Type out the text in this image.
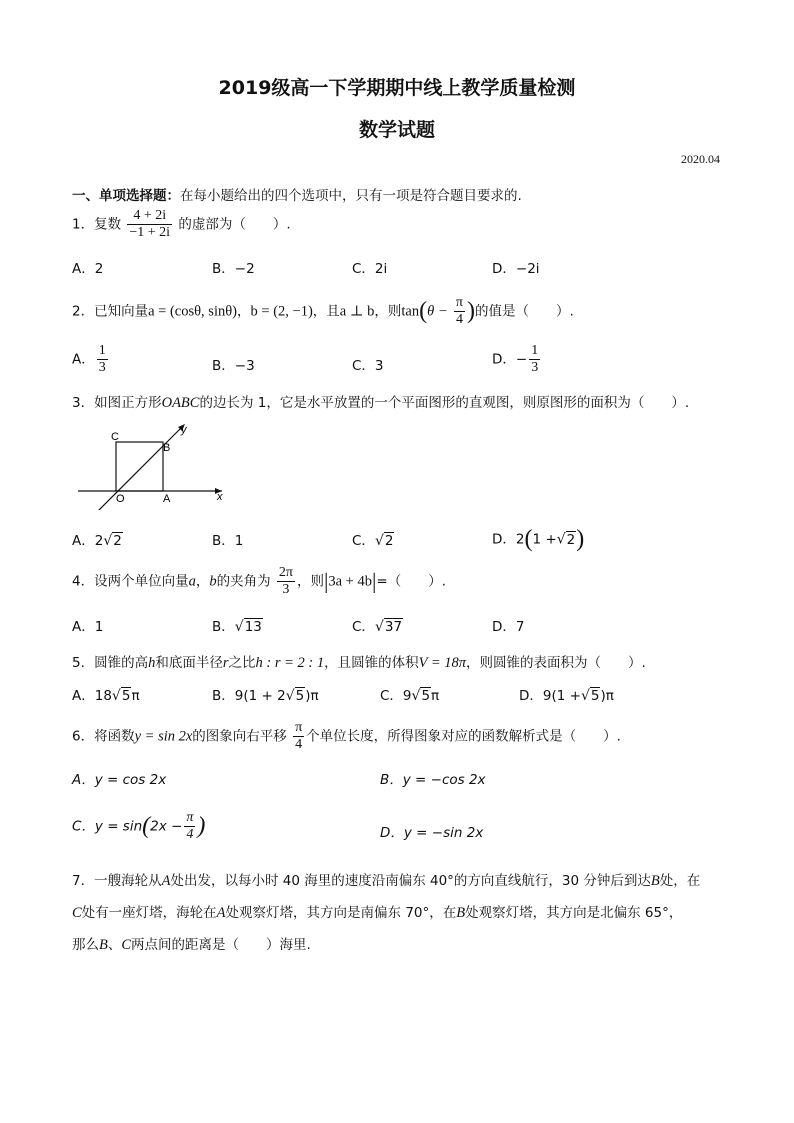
2019级高一下学期期中线上教学质量检测
数学试题
2020.04
一、单项选择题：在每小题给出的四个选项中，只有一项是符合题目要求的.
1．复数 $\frac{4 + 2i}{-1 + 2i}$ 的虚部为（　　）.
A．2	B．−2	C．2i	D．−2i
2．已知向量a = (cosθ, sinθ)，b = (2, −1)，且a ⊥ b，则$\tan(\theta - \frac{\pi}{4}$ )的值是（　　）.
A． $\frac{1}{3}$	B．−3	C．3	D．− $\frac{1}{3}$
3．如图正方形OABC的边长为 1，它是水平放置的一个平面图形的直观图，则原图形的面积为（　　）.
C
B
O	A	x
y
A．2√2	B．1	C．√2	D．2(1 +√2)
4．设两个单位向量a，b的夹角为 $\frac{2\pi}{3}$ ，则|3a + 4b|=（　　）.
A．1	B．√13	C．√37	D．7
5．圆锥的高h和底面半径r之比h : r = 2 : 1，且圆锥的体积V = 18π，则圆锥的表面积为（　　）.
A．18√5π	B．9(1 + 2√5)π	C．9√5π	D．9(1 +√5)π
6．将函数y = sin 2x的图象向右平移 $\frac{\pi}{4}$ 个单位长度，所得图象对应的函数解析式是（　　）.
A．y = cos 2x	B．y = −cos 2x
C．$y = \sin(2x - \frac{\pi}{4}$ )	D．y = −sin 2x
7．一艘海轮从A处出发，以每小时 40 海里的速度沿南偏东 40°的方向直线航行，30 分钟后到达B处，在
C处有一座灯塔，海轮在A处观察灯塔，其方向是南偏东 70°，在B处观察灯塔，其方向是北偏东 65°，
那么B、C两点间的距离是（　　）海里.
